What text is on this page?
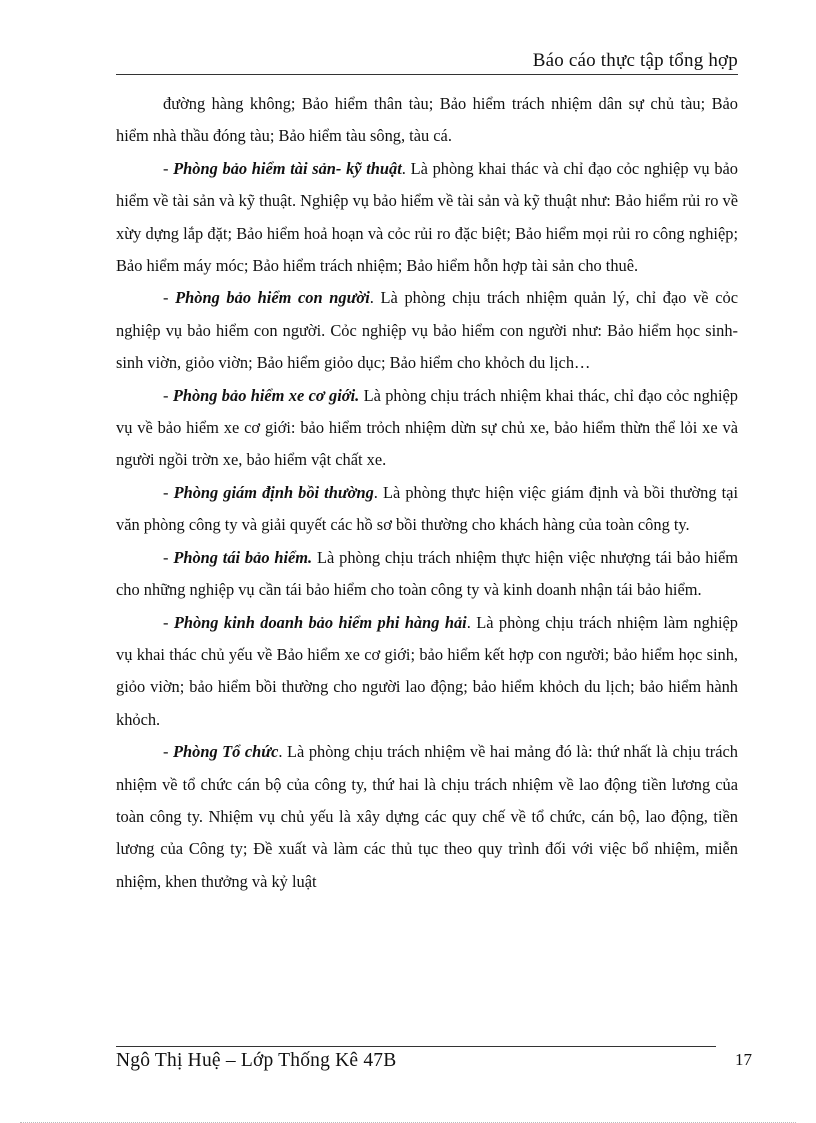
Báo cáo thực tập tổng hợp

đường hàng không; Bảo hiểm thân tàu; Bảo hiểm trách nhiệm dân sự chủ tàu; Bảo hiểm nhà thầu đóng tàu; Bảo hiểm tàu sông, tàu cá.

- Phòng bảo hiểm tài sản- kỹ thuật. Là phòng khai thác và chỉ đạo cỏc nghiệp vụ bảo hiểm về tài sản và kỹ thuật. Nghiệp vụ bảo hiểm về tài sản và kỹ thuật như: Bảo hiểm rủi ro về xừy dựng lắp đặt; Bảo hiểm hoả hoạn và cỏc rủi ro đặc biệt; Bảo hiểm mọi rủi ro công nghiệp; Bảo hiểm máy móc; Bảo hiểm trách nhiệm; Bảo hiểm hỗn hợp tài sản cho thuê.

- Phòng bảo hiểm con người. Là phòng chịu trách nhiệm quản lý, chỉ đạo về cỏc nghiệp vụ bảo hiểm con người. Cỏc nghiệp vụ bảo hiểm con người như: Bảo hiểm học sinh- sinh viờn, giỏo viờn; Bảo hiểm giỏo dục; Bảo hiểm cho khỏch du lịch…

- Phòng bảo hiểm xe cơ giới. Là phòng chịu trách nhiệm khai thác, chỉ đạo cỏc nghiệp vụ về bảo hiểm xe cơ giới: bảo hiểm trỏch nhiệm dừn sự chủ xe, bảo hiểm thừn thể lỏi xe và người ngồi trờn xe, bảo hiểm vật chất xe.

- Phòng giám định bồi thường. Là phòng thực hiện việc giám định và bồi thường tại văn phòng công ty và giải quyết các hồ sơ bồi thường cho khách hàng của toàn công ty.

- Phòng tái bảo hiểm. Là phòng chịu trách nhiệm thực hiện việc nhượng tái bảo hiểm cho những nghiệp vụ cần tái bảo hiểm cho toàn công ty và kinh doanh nhận tái bảo hiểm.

- Phòng kinh doanh bảo hiểm phi hàng hải. Là phòng chịu trách nhiệm làm nghiệp vụ khai thác chủ yếu về Bảo hiểm xe cơ giới; bảo hiểm kết hợp con người; bảo hiểm học sinh, giỏo viờn; bảo hiểm bồi thường cho người lao động; bảo hiểm khỏch du lịch; bảo hiểm hành khỏch.

- Phòng Tổ chức. Là phòng chịu trách nhiệm về hai mảng đó là: thứ nhất là chịu trách nhiệm về tổ chức cán bộ của công ty, thứ hai là chịu trách nhiệm về lao động tiền lương của toàn công ty. Nhiệm vụ chủ yếu là xây dựng các quy chế về tổ chức, cán bộ, lao động, tiền lương của Công ty; Đề xuất và làm các thủ tục theo quy trình đối với việc bổ nhiệm, miễn nhiệm, khen thưởng và kỷ luật

Ngô Thị Huệ – Lớp Thống Kê 47B	17
